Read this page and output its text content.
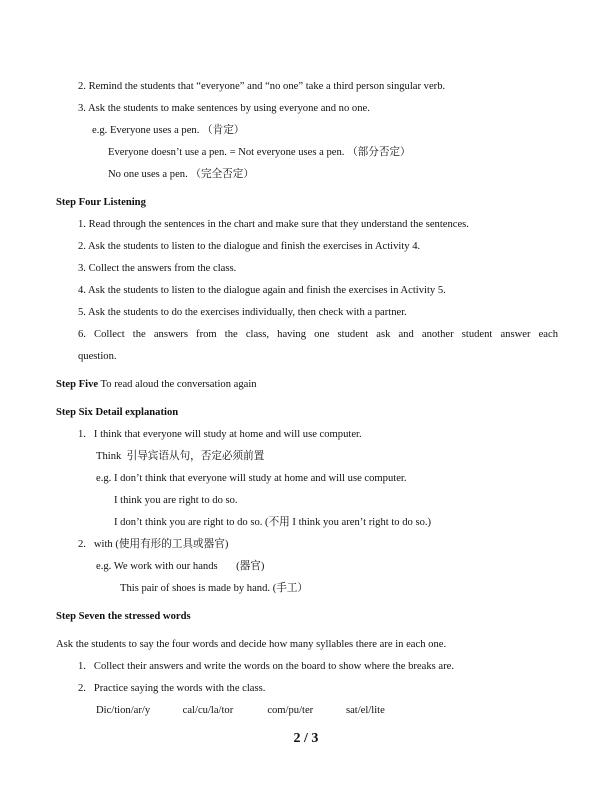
2. Remind the students that “everyone” and “no one” take a third person singular verb.
3. Ask the students to make sentences by using everyone and no one.
e.g. Everyone uses a pen. （肯定）
Everyone doesn’t use a pen. = Not everyone uses a pen. （部分否定）
No one uses a pen. （完全否定）
Step Four Listening
1. Read through the sentences in the chart and make sure that they understand the sentences.
2. Ask the students to listen to the dialogue and finish the exercises in Activity 4.
3. Collect the answers from the class.
4. Ask the students to listen to the dialogue again and finish the exercises in Activity 5.
5. Ask the students to do the exercises individually, then check with a partner.
6. Collect the answers from the class, having one student ask and another student answer each
question.
Step Five To read aloud the conversation again
Step Six Detail explanation
1.   I think that everyone will study at home and will use computer.
Think  引导宾语从句，否定必须前置
e.g. I don’t think that everyone will study at home and will use computer.
I think you are right to do so.
I don’t think you are right to do so. (不用 I think you aren’t right to do so.)
2.   with (使用有形的工具或器官)
e.g. We work with our hands       (器官)
This pair of shoes is made by hand. (手工）
Step Seven the stressed words
Ask the students to say the four words and decide how many syllables there are in each one.
1.   Collect their answers and write the words on the board to show where the breaks are.
2.   Practice saying the words with the class.
Dic/tion/ar/y	cal/cu/la/tor	com/pu/ter	sat/el/lite
2 / 3
